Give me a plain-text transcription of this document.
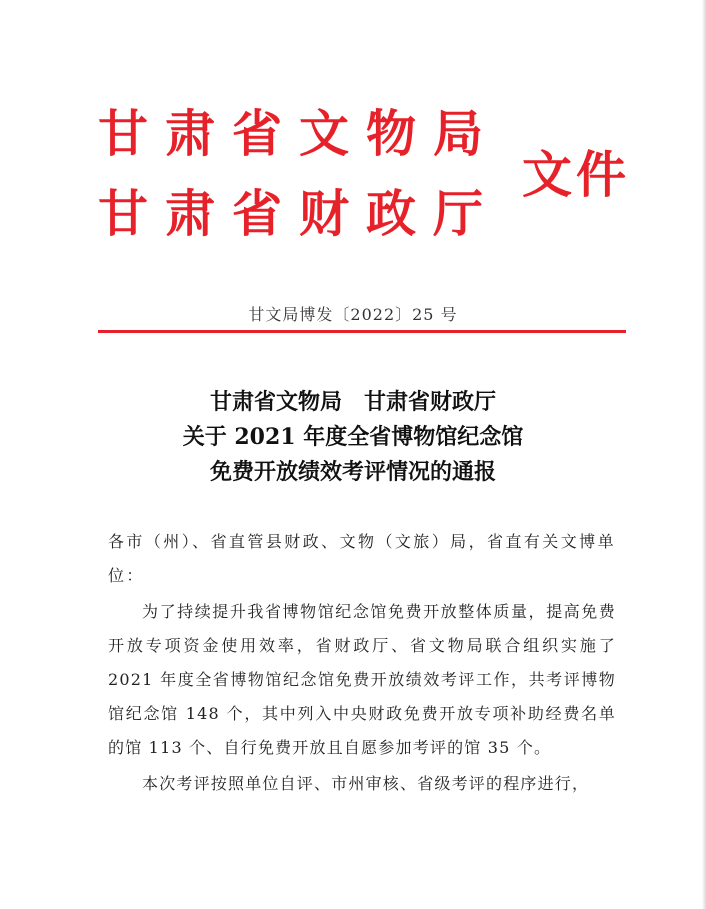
甘肃省文物局
甘肃省财政厅
文件
甘文局博发〔2022〕25 号
甘肃省文物局 甘肃省财政厅
关于 2021 年度全省博物馆纪念馆
免费开放绩效考评情况的通报

各市（州）、省直管县财政、文物（文旅）局，省直有关文博单位：

为了持续提升我省博物馆纪念馆免费开放整体质量，提高免费开放专项资金使用效率，省财政厅、省文物局联合组织实施了 2021 年度全省博物馆纪念馆免费开放绩效考评工作，共考评博物馆纪念馆 148 个，其中列入中央财政免费开放专项补助经费名单的馆 113 个、自行免费开放且自愿参加考评的馆 35 个。

本次考评按照单位自评、市州审核、省级考评的程序进行，
